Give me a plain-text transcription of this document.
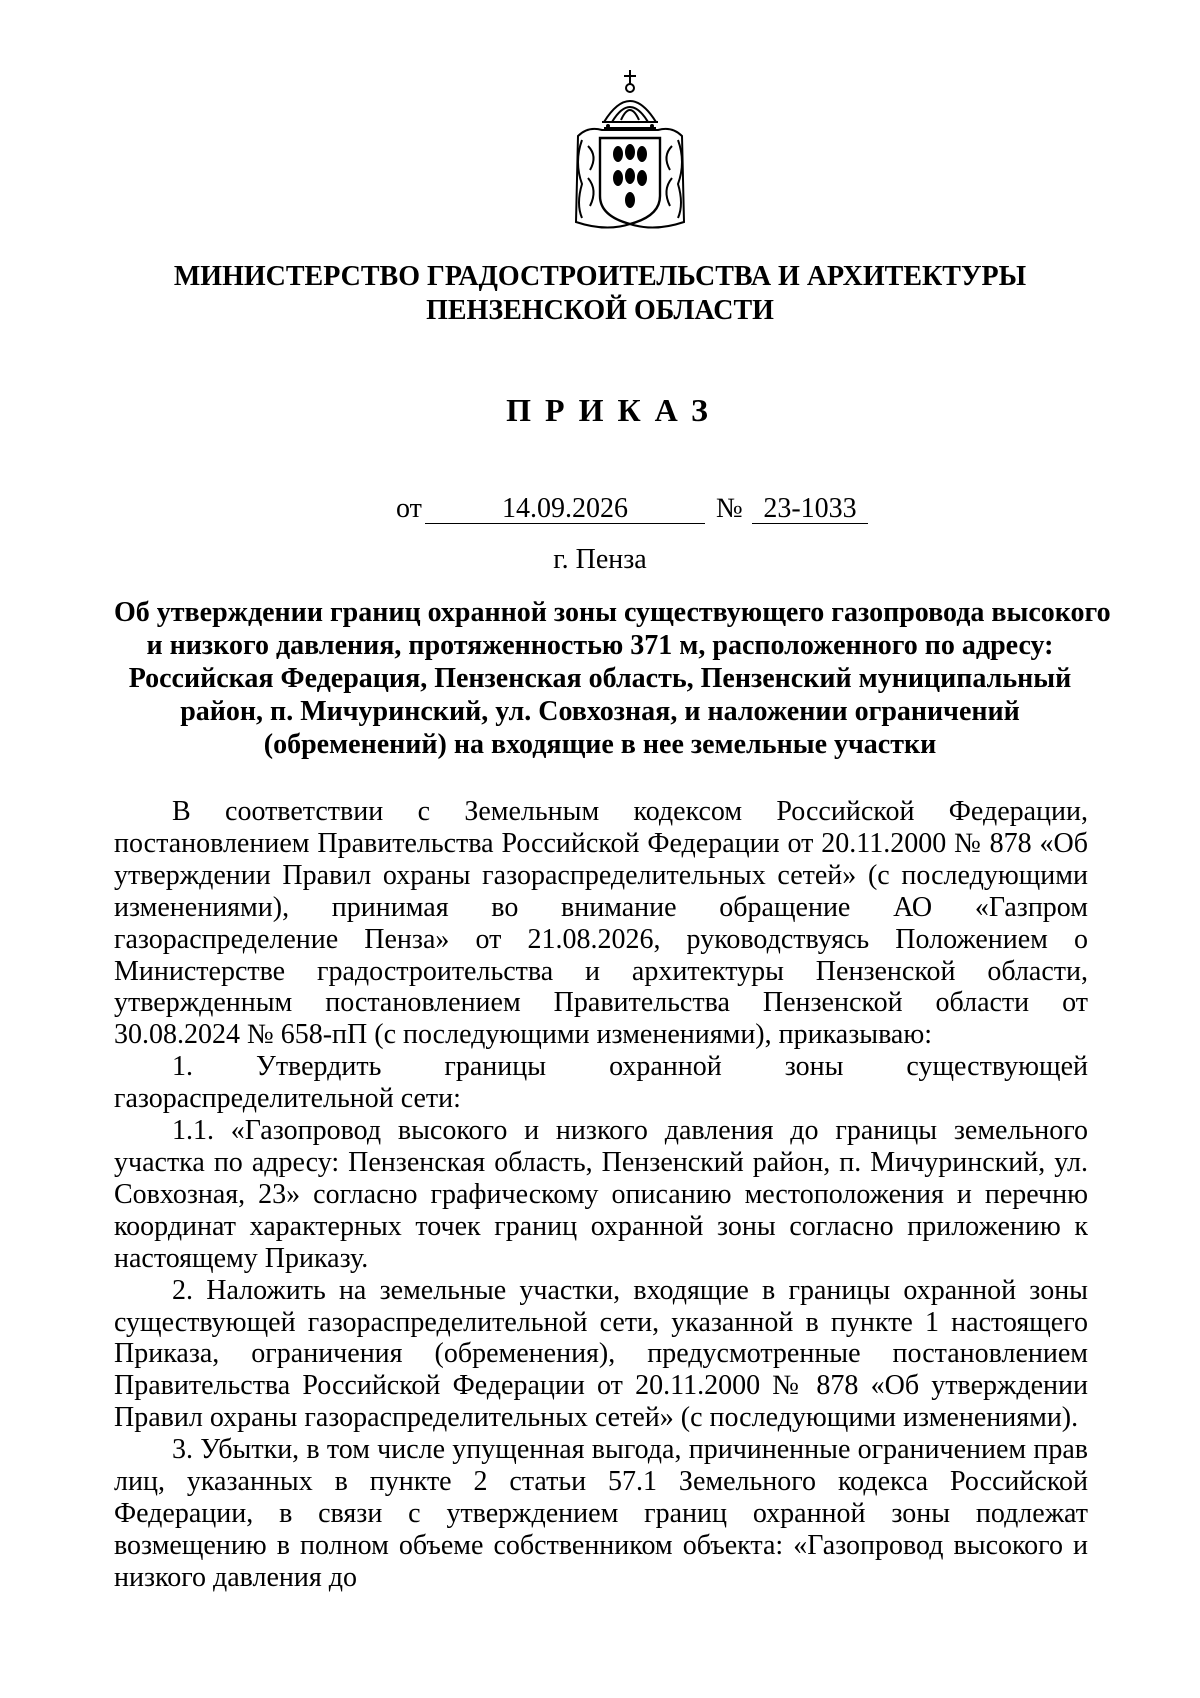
МИНИСТЕРСТВО ГРАДОСТРОИТЕЛЬСТВА И АРХИТЕКТУРЫ
ПЕНЗЕНСКОЙ ОБЛАСТИ
ПРИКАЗ
от	14.09.2026	№ 23-1033
г. Пенза
Об утверждении границ охранной зоны существующего газопровода высокого
и низкого давления, протяженностью 371 м, расположенного по адресу:
Российская Федерация, Пензенская область, Пензенский муниципальный
район, п. Мичуринский, ул. Совхозная, и наложении ограничений
(обременений) на входящие в нее земельные участки

В соответствии с Земельным кодексом Российской Федерации, постановлением Правительства Российской Федерации от 20.11.2000 № 878 «Об утверждении Правил охраны газораспределительных сетей» (с последующими изменениями), принимая во внимание обращение АО «Газпром газораспределение Пенза» от 21.08.2026, руководствуясь Положением о Министерстве градостроительства и архитектуры Пензенской области, утвержденным постановлением Правительства Пензенской области от 30.08.2024 № 658-пП (с последующими изменениями), приказываю:

1. Утвердить границы охранной зоны существующей газораспределительной сети:

1.1. «Газопровод высокого и низкого давления до границы земельного участка по адресу: Пензенская область, Пензенский район, п. Мичуринский, ул. Совхозная, 23» согласно графическому описанию местоположения и перечню координат характерных точек границ охранной зоны согласно приложению к настоящему Приказу.

2. Наложить на земельные участки, входящие в границы охранной зоны существующей газораспределительной сети, указанной в пункте 1 настоящего Приказа, ограничения (обременения), предусмотренные постановлением Правительства Российской Федерации от 20.11.2000 № 878 «Об утверждении Правил охраны газораспределительных сетей» (с последующими изменениями).

3. Убытки, в том числе упущенная выгода, причиненные ограничением прав лиц, указанных в пункте 2 статьи 57.1 Земельного кодекса Российской Федерации, в связи с утверждением границ охранной зоны подлежат возмещению в полном объеме собственником объекта: «Газопровод высокого и низкого давления до
